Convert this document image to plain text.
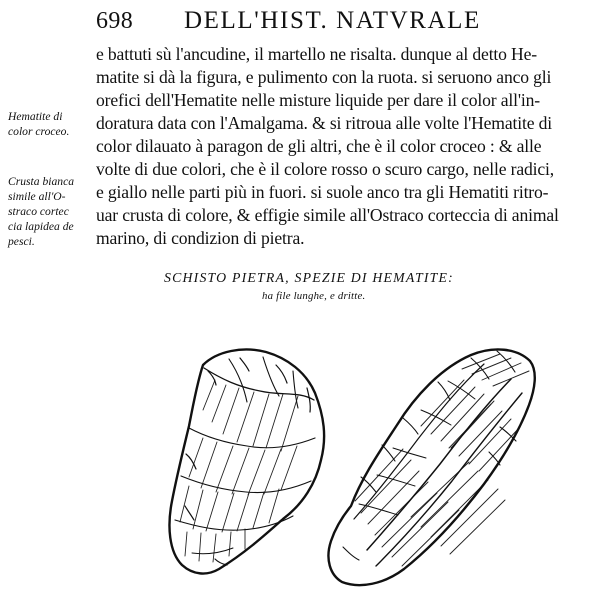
698 DELL'HIST. NATVRALE
Hematite di
color croceo.
Crusta bianca
simile all'O-
straco cortec
cia lapidea de
pesci.
e battuti sù l'ancudine, il martello ne risalta. dunque al detto He-
matite si dà la figura, e pulimento con la ruota. si seruono anco gli
orefici dell'Hematite nelle misture liquide per dare il color all'in-
doratura data con l'Amalgama. & si ritroua alle volte l'Hematite di
color dilauato à paragon de gli altri, che è il color croceo : & alle
volte di due colori, che è il colore rosso o scuro cargo, nelle radici,
e giallo nelle parti più in fuori. si suole anco tra gli Hematiti ritro-
uar crusta di colore, & effigie simile all'Ostraco corteccia di animal
marino, di condizion di pietra.
SCHISTO PIETRA, SPEZIE DI HEMATITE:
ha file lunghe, e dritte.
